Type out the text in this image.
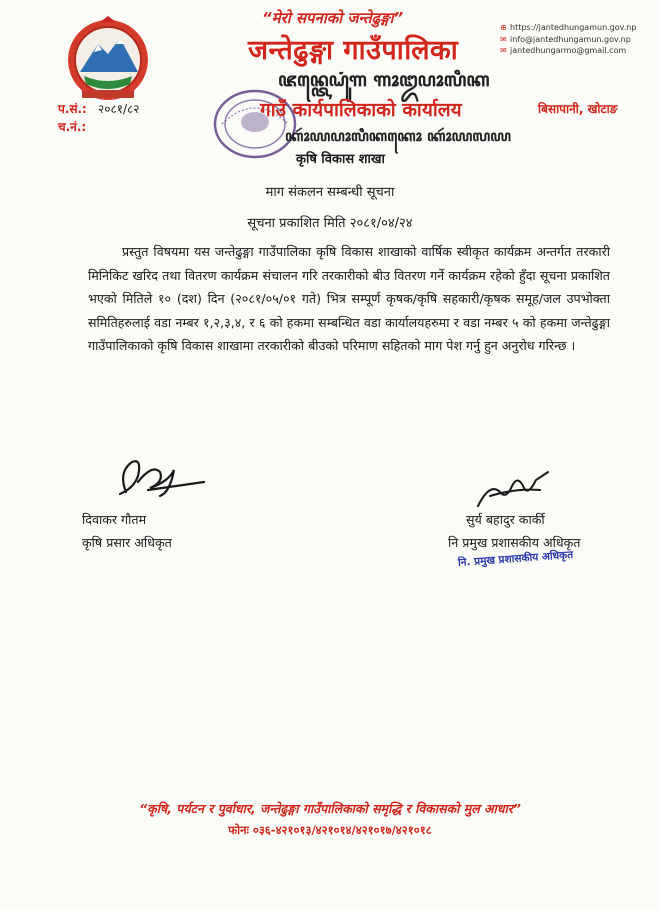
“मेरो सपनाको जन्तेढुङ्गा”
जन्तेढुङ्गा गाउँपालिका
ꦗꦤ꧀ꦠꦺꦝꦸꦁꦒ ꦒꦴꦈꦥꦴꦭꦶꦏ
गाउँ कार्यपालिकाको कार्यालय
ꦏꦴꦂꦪꦥꦴꦭꦶꦏꦏꦺꦴ ꦏꦴꦂꦪꦭꦪ
कृषि विकास शाखा
⊕ https://jantedhungamun.gov.np
✉ info@jantedhungamun.gov.np
✉ jantedhungarmo@gmail.com
प.सं.: २०८१/८२
च.नं.:
बिसापानी, खोटाङ
माग संकलन सम्बन्धी सूचना
सूचना प्रकाशित मिति २०८१/०४/२४
प्रस्तुत विषयमा यस जन्तेढुङ्गा गाउँपालिका कृषि विकास शाखाको वार्षिक स्वीकृत कार्यक्रम अन्तर्गत तरकारी मिनिकिट खरिद तथा वितरण कार्यक्रम संचालन गरि तरकारीको बीउ वितरण गर्ने कार्यक्रम रहेको हुँदा सूचना प्रकाशित भएको मितिले १० (दश) दिन (२०८१/०५/०१ गते) भित्र सम्पूर्ण कृषक/कृषि सहकारी/कृषक समूह/जल उपभोक्ता समितिहरुलाई वडा नम्बर १,२,३,४, र ६ को हकमा सम्बन्धित वडा कार्यालयहरुमा र वडा नम्बर ५ को हकमा जन्तेढुङ्गा गाउँपालिकाको कृषि विकास शाखामा तरकारीको बीउको परिमाण सहितको माग पेश गर्नु हुन अनुरोध गरिन्छ ।
दिवाकर गौतम
कृषि प्रसार अधिकृत
सुर्य बहादुर कार्की
नि प्रमुख प्रशासकीय अधिकृत
नि. प्रमुख प्रशासकीय अधिकृत
“कृषि, पर्यटन र पुर्वाधार, जन्तेढुङ्गा गाउँपालिकाको समृद्धि र विकासको मुल आधार”
फोनः ०३६-४२१०१३/४२१०१४/४२१०१७/४२१०१८
